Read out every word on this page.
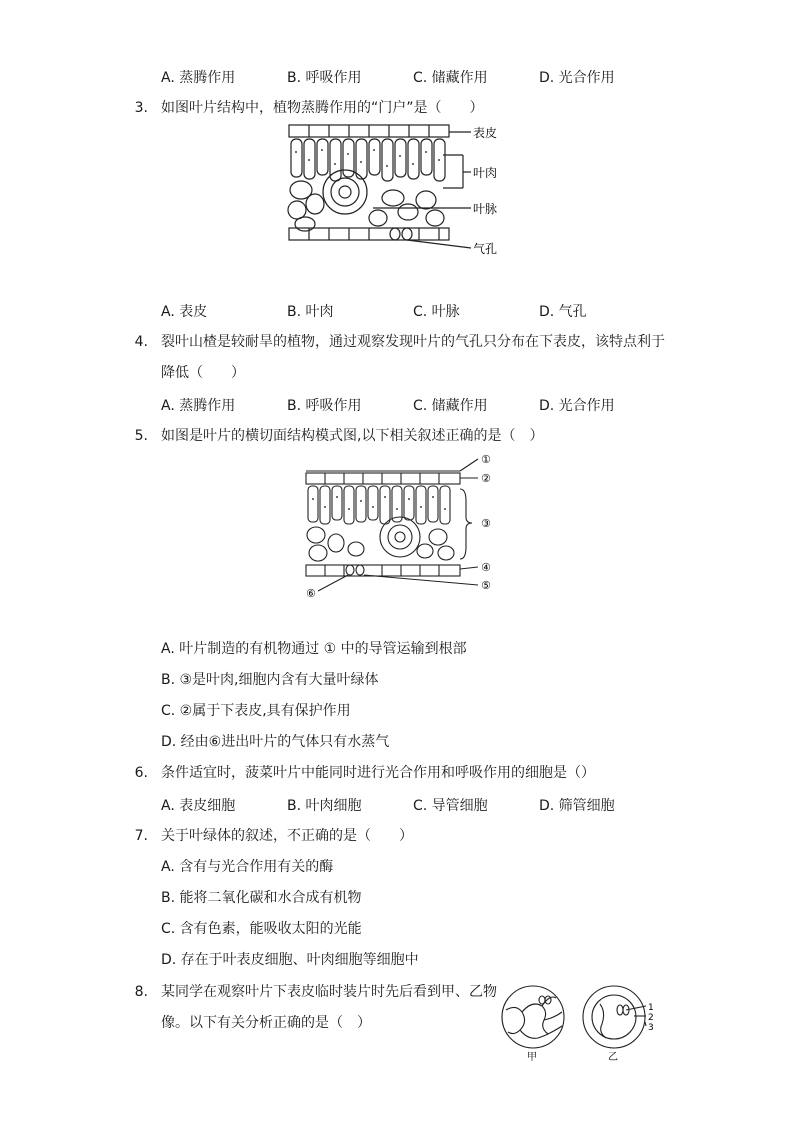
A. 蒸腾作用	B. 呼吸作用	C. 储藏作用	D. 光合作用
3. 如图叶片结构中，植物蒸腾作用的“门户”是（　　）
表皮
叶肉
叶脉
气孔
A. 表皮	B. 叶肉	C. 叶脉	D. 气孔
4. 裂叶山楂是较耐旱的植物，通过观察发现叶片的气孔只分布在下表皮，该特点利于
降低（　　）
A. 蒸腾作用	B. 呼吸作用	C. 储藏作用	D. 光合作用
5. 如图是叶片的横切面结构模式图,以下相关叙述正确的是（　）
①
②
③
④
⑤
⑥
A. 叶片制造的有机物通过 ① 中的导管运输到根部
B. ③是叶肉,细胞内含有大量叶绿体
C. ②属于下表皮,具有保护作用
D. 经由⑥进出叶片的气体只有水蒸气
6. 条件适宜时，菠菜叶片中能同时进行光合作用和呼吸作用的细胞是（）
A. 表皮细胞	B. 叶肉细胞	C. 导管细胞	D. 筛管细胞
7. 关于叶绿体的叙述，不正确的是（　　）
A. 含有与光合作用有关的酶
B. 能将二氧化碳和水合成有机物
C. 含有色素，能吸收太阳的光能
D. 存在于叶表皮细胞、叶肉细胞等细胞中
8. 某同学在观察叶片下表皮临时装片时先后看到甲、乙物
像。以下有关分析正确的是（　）
甲	乙
1
2
3
